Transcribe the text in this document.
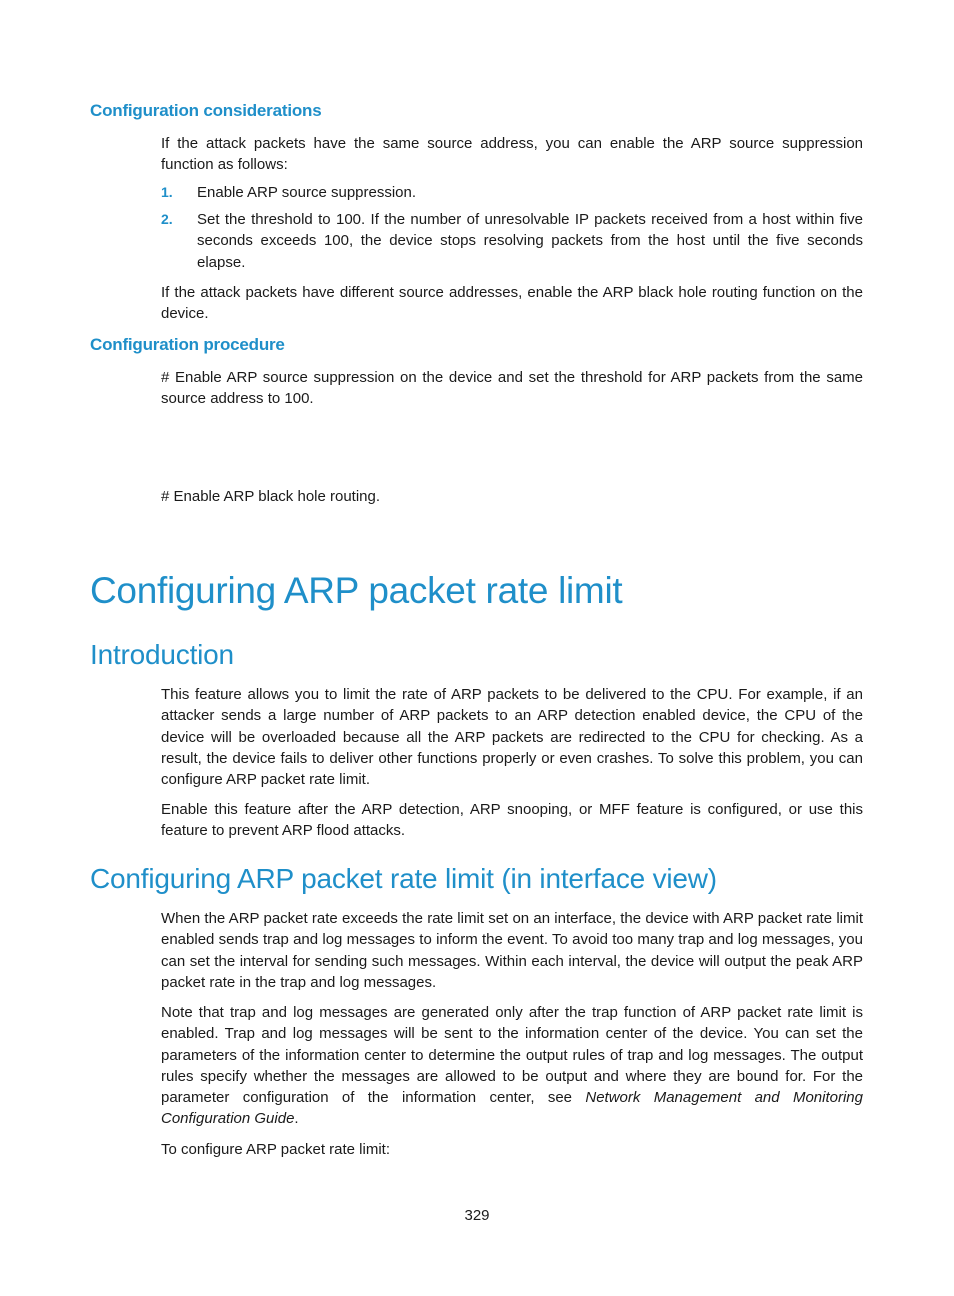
Configuration considerations

If the attack packets have the same source address, you can enable the ARP source suppression function as follows:

1. Enable ARP source suppression.
2. Set the threshold to 100. If the number of unresolvable IP packets received from a host within five seconds exceeds 100, the device stops resolving packets from the host until the five seconds elapse.

If the attack packets have different source addresses, enable the ARP black hole routing function on the device.

Configuration procedure

# Enable ARP source suppression on the device and set the threshold for ARP packets from the same source address to 100.

# Enable ARP black hole routing.

Configuring ARP packet rate limit
Introduction

This feature allows you to limit the rate of ARP packets to be delivered to the CPU. For example, if an attacker sends a large number of ARP packets to an ARP detection enabled device, the CPU of the device will be overloaded because all the ARP packets are redirected to the CPU for checking. As a result, the device fails to deliver other functions properly or even crashes. To solve this problem, you can configure ARP packet rate limit.

Enable this feature after the ARP detection, ARP snooping, or MFF feature is configured, or use this feature to prevent ARP flood attacks.

Configuring ARP packet rate limit (in interface view)

When the ARP packet rate exceeds the rate limit set on an interface, the device with ARP packet rate limit enabled sends trap and log messages to inform the event. To avoid too many trap and log messages, you can set the interval for sending such messages. Within each interval, the device will output the peak ARP packet rate in the trap and log messages.

Note that trap and log messages are generated only after the trap function of ARP packet rate limit is enabled. Trap and log messages will be sent to the information center of the device. You can set the parameters of the information center to determine the output rules of trap and log messages. The output rules specify whether the messages are allowed to be output and where they are bound for. For the parameter configuration of the information center, see Network Management and Monitoring Configuration Guide.

To configure ARP packet rate limit:

329
